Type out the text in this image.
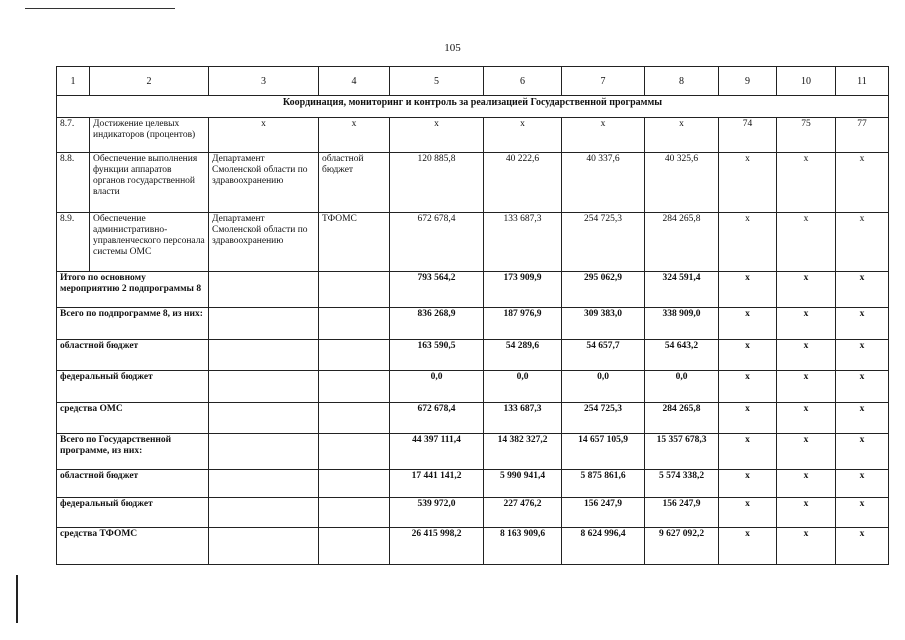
105
1	2	3	4	5	6	7	8	9	10	11
Координация, мониторинг и контроль за реализацией Государственной программы										
8.7.	Достижение целевых индикаторов (процентов)	x	x	x	x	x	x	74	75	77
8.8.	Обеспечение выполнения функции аппаратов органов государственной власти	Департамент Смоленской области по здравоохранению	областной бюджет	120 885,8	40 222,6	40 337,6	40 325,6	x	x	x
8.9.	Обеспечение административно-управленческого персонала системы ОМС	Департамент Смоленской области по здравоохранению	ТФОМС	672 678,4	133 687,3	254 725,3	284 265,8	x	x	x
Итого по основному мероприятию 2 подпрограммы 8				793 564,2	173 909,9	295 062,9	324 591,4	x	x	x
Всего по подпрограмме 8, из них:				836 268,9	187 976,9	309 383,0	338 909,0	x	x	x
областной бюджет				163 590,5	54 289,6	54 657,7	54 643,2	x	x	x
федеральный бюджет				0,0	0,0	0,0	0,0	x	x	x
средства ОМС				672 678,4	133 687,3	254 725,3	284 265,8	x	x	x
Всего по Государственной программе, из них:				44 397 111,4	14 382 327,2	14 657 105,9	15 357 678,3	x	x	x
областной бюджет				17 441 141,2	5 990 941,4	5 875 861,6	5 574 338,2	x	x	x
федеральный бюджет				539 972,0	227 476,2	156 247,9	156 247,9	x	x	x
средства ТФОМС				26 415 998,2	8 163 909,6	8 624 996,4	9 627 092,2	x	x	x
